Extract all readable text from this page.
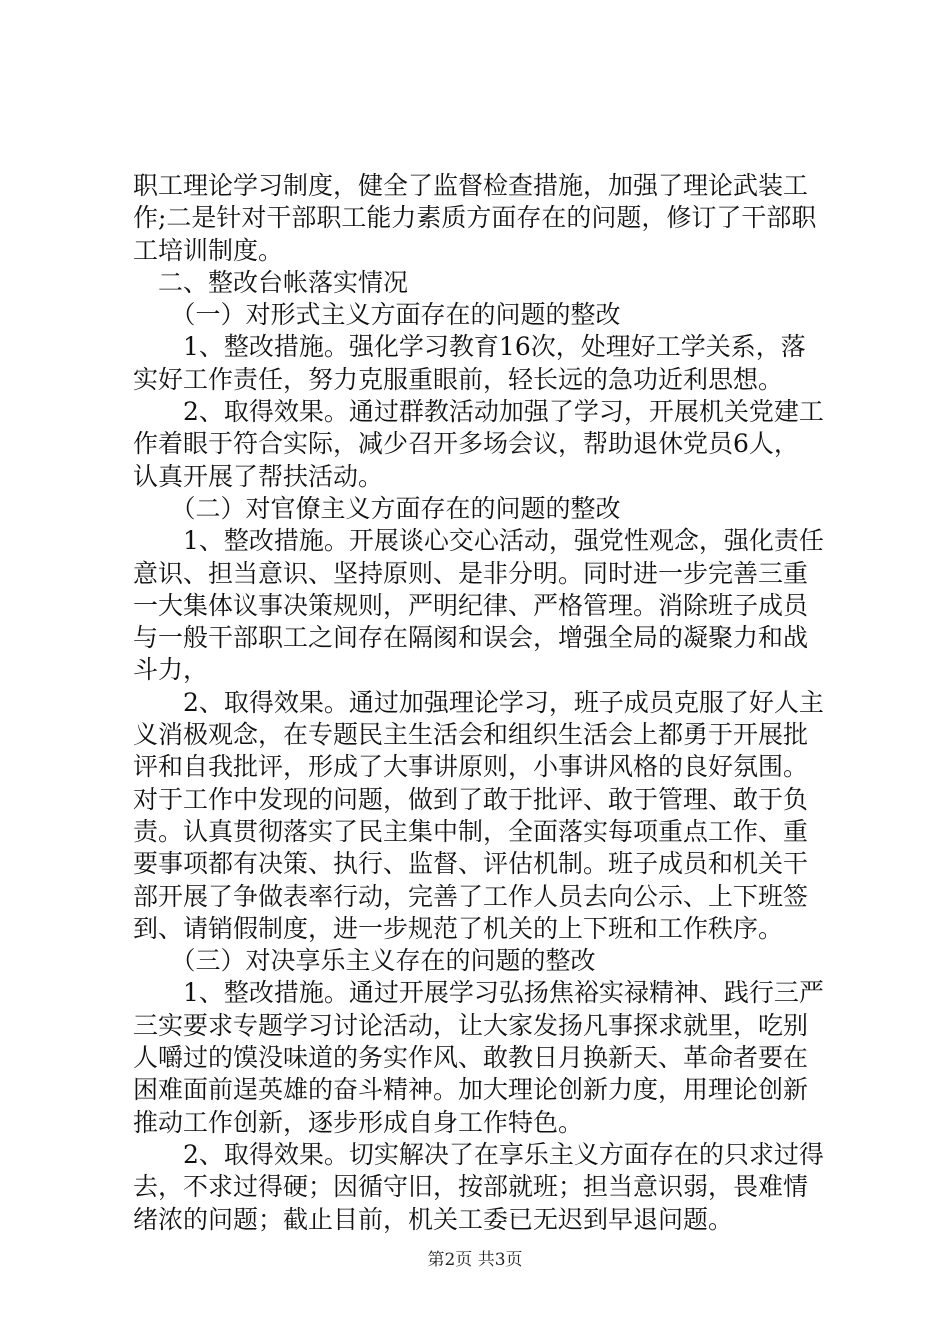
职工理论学习制度，健全了监督检查措施，加强了理论武装工
作;二是针对干部职工能力素质方面存在的问题，修订了干部职
工培训制度。
　二、整改台帐落实情况
　　（一）对形式主义方面存在的问题的整改
　　1、整改措施。强化学习教育16次，处理好工学关系，落
实好工作责任，努力克服重眼前，轻长远的急功近利思想。
　　2、取得效果。通过群教活动加强了学习，开展机关党建工
作着眼于符合实际，减少召开多场会议，帮助退休党员6人，
认真开展了帮扶活动。
　　（二）对官僚主义方面存在的问题的整改
　　1、整改措施。开展谈心交心活动，强党性观念，强化责任
意识、担当意识、坚持原则、是非分明。同时进一步完善三重
一大集体议事决策规则，严明纪律、严格管理。消除班子成员
与一般干部职工之间存在隔阂和误会，增强全局的凝聚力和战
斗力，
　　2、取得效果。通过加强理论学习，班子成员克服了好人主
义消极观念，在专题民主生活会和组织生活会上都勇于开展批
评和自我批评，形成了大事讲原则，小事讲风格的良好氛围。
对于工作中发现的问题，做到了敢于批评、敢于管理、敢于负
责。认真贯彻落实了民主集中制，全面落实每项重点工作、重
要事项都有决策、执行、监督、评估机制。班子成员和机关干
部开展了争做表率行动，完善了工作人员去向公示、上下班签
到、请销假制度，进一步规范了机关的上下班和工作秩序。
　　（三）对决享乐主义存在的问题的整改
　　1、整改措施。通过开展学习弘扬焦裕实禄精神、践行三严
三实要求专题学习讨论活动，让大家发扬凡事探求就里，吃别
人嚼过的馍没味道的务实作风、敢教日月换新天、革命者要在
困难面前逞英雄的奋斗精神。加大理论创新力度，用理论创新
推动工作创新，逐步形成自身工作特色。
　　2、取得效果。切实解决了在享乐主义方面存在的只求过得
去，不求过得硬；因循守旧，按部就班；担当意识弱，畏难情
绪浓的问题；截止目前，机关工委已无迟到早退问题。
第2页 共3页
